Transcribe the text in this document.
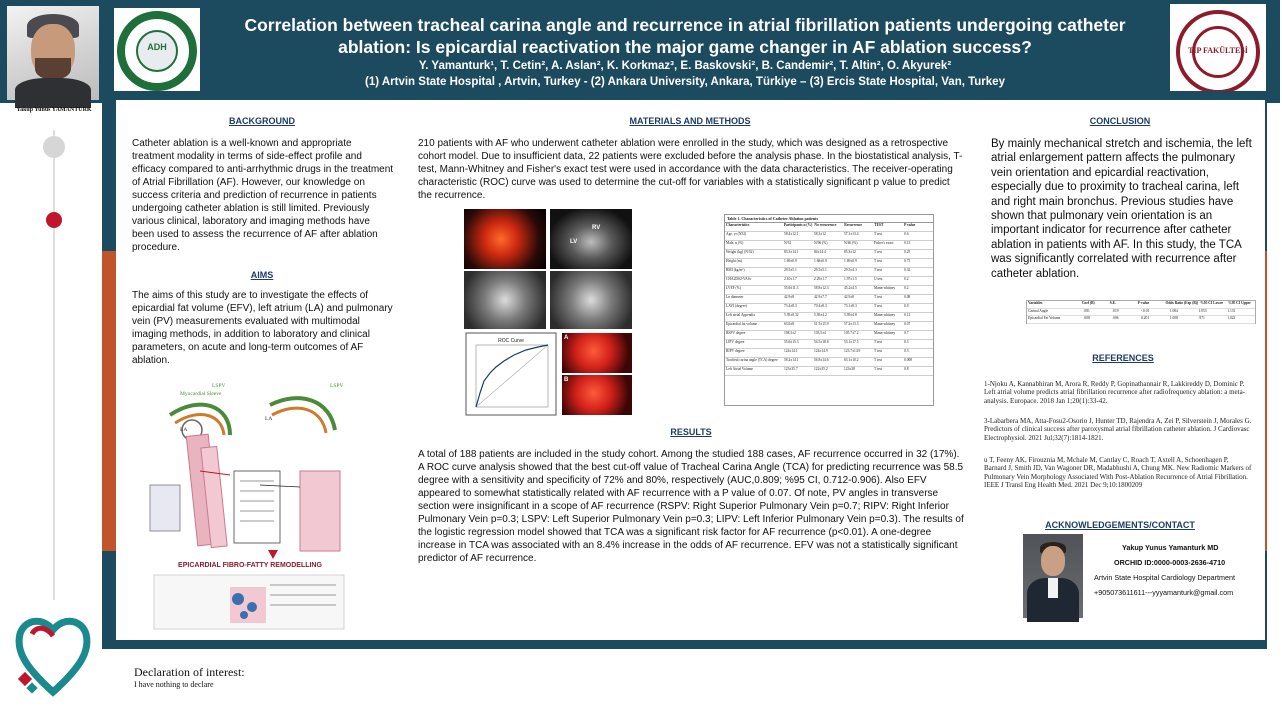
ADH
Correlation between tracheal carina angle and recurrence in atrial fibrillation patients undergoing catheter ablation: Is epicardial reactivation the major game changer in AF ablation success?
Y. Yamanturk¹, T. Cetin², A. Aslan², K. Korkmaz³, E. Baskovski², B. Candemir², T. Altin², O. Akyurek²
(1) Artvin State Hospital , Artvin, Turkey - (2) Ankara University, Ankara, Türkiye – (3) Ercis State Hospital, Van, Turkey
TIP FAKÜLTESİ
Yakup Yunus YAMANTURK
BACKGROUND
Catheter ablation is a well-known and appropriate treatment modality in terms of side-effect profile and efficacy compared to anti-arrhythmic drugs in the treatment of Atrial Fibrillation (AF). However, our knowledge on success criteria and prediction of recurrence in patients undergoing catheter ablation is still limited. Previously various clinical, laboratory and imaging methods have been used to assess the recurrence of AF after ablation procedure.
AIMS
The aims of this study are to investigate the effects of epicardial fat volume (EFV), left atrium (LA) and pulmonary vein (PV) measurements evaluated with multimodal imaging methods, in addition to laboratory and clinical parameters, on acute and long-term outcomes of AF ablation.
EPICARDIAL FIBRO-FATTY REMODELLING
Myocardial Sleeve
LSPV	LSPV
LA
LA
MATERIALS AND METHODS
210 patients with AF who underwent catheter ablation were enrolled in the study, which was designed as a retrospective cohort model. Due to insufficient data, 22 patients were excluded before the analysis phase. In the biostatistical analysis, T-test, Mann-Whitney and Fisher's exact test were used in accordance with the data characteristics. The receiver-operating characteristic (ROC) curve was used to determine the cut-off for variables with a statistically significant p value to predict the recurrence.
LV
RV
ROC Curve	A
B
Table 1. Characteristics of Catheter Ablation patients
Characteristics	Participants n (%) No recurrence	Recurrence	TEST	P value
Age, yr (N52)	58.4±12.1	58.3±12	57.1±13.4	T test	0.6
Male, n (%)	N/52	N/96 (%)	N/46 (%)	Fisher's exact	0.13
Weight (kg) (N/52)	83.3±14.1	84±14.4	85.3±12	T test	0.25
Height (m)	1.69±0.9	1.68±0.9	1.69±0.9	T test	0.73
BMI (kg/m²)	29.5±5.1	29.5±5.1	29.5±4.3	T test	0.32
CHA2DS2-VASc	2.10±1.7	2.29±1.7	1.97±1.5	U test	0.2
LVEF (%)	55.6±11.3	58.8±12.3	45.2±4.5	Mann-whitney	0.2
Ln diameter	42.9±8	42.9±7.7	42.9±8	T test	0.08
LAVI (degree)	73.4±8.3	70.4±8.3	73.1±8.3	T test	0.9
Left atrial Appendix	5.95±0.32	5.95±4.2	5.95±4.8	Mann-whitney	0.12
Epicardial fat volume	63.6±8	51.5±15.9	57.2±13.3	Mann-whitney	0.07
RSPV degree	108.3±2	103.5±4	105.7±7.2	Mann-whitney	0.7
LIPV degree	55.6±15.3	54.5±18.8	53.1±17.5	T test	0.3
RIPV degree	124±14.1	124±14.9	123.7±14.9	T test	0.3
Tracheal carina angle (TCA) degree	58.2±14.1	56.8±14.6	63.1±10.2	T test	0.008
Left Atrial Volume	123±35.7	122±35.2	123±38	T test	0.8
RESULTS
A total of 188 patients are included in the study cohort. Among the studied 188 cases, AF recurrence occurred in 32 (17%). A ROC curve analysis showed that the best cut-off value of Tracheal Carina Angle (TCA) for predicting recurrence was 58.5 degree with a sensitivity and specificity of 72% and 80%, respectively (AUC,0.809; %95 CI, 0.712-0.906). Also EFV appeared to somewhat statistically related with AF recurrence with a P value of 0.07. Of note, PV angles in transverse section were insignificant in a scope of AF recurrence (RSPV: Right Superior Pulmonary Vein p=0.7; RIPV: Right Inferior Pulmonary Vein p=0.3; LSPV: Left Superior Pulmonary Vein p=0.3; LIPV: Left Inferior Pulmonary Vein p=0.3). The results of the logistic regression model showed that TCA was a significant risk factor for AF recurrence (p<0.01). A one-degree increase in TCA was associated with an 8.4% increase in the odds of AF recurrence. EFV was not a statistically significant predictor of AF recurrence.
CONCLUSION
By mainly mechanical stretch and ischemia, the left atrial enlargement pattern affects the pulmonary vein orientation and epicardial reactivation, especially due to proximity to tracheal carina, left and right main bronchus. Previous studies have shown that pulmonary vein orientation is an important indicator for recurrence after catheter ablation in patients with AF. In this study, the TCA was significantly correlated with recurrence after catheter ablation.
Variables	Coef (B)	S.E.	P-value	Odds Ratio (Exp (B)) %95 CI Lower	%95 CI Upper
Carinal Angle	.081	.019	<0.01	1.084	1.053	1.131
Epicardial Fat Volume	.008	.006	0.201	1.008	.971	1.022
REFERENCES
1-Njoku A, Kannabhiran M, Arora R, Reddy P, Gopinathannair R, Lakkireddy D, Dominic P. Left atrial volume predicts atrial fibrillation recurrence after radiofrequency ablation: a meta-analysis. Europace. 2018 Jan 1;20(1):33-42.
3-Labarbera MA, Atta-Fosu2-Osorio J, Hunter TD, Rajendra A, Zei P, Silverstein J, Morales G. Predictors of clinical success after paroxysmal atrial fibrillation catheter ablation. J Cardiovasc Electrophysiol. 2021 Jul;32(7):1814-1821.
u T, Feeny AK, Firouznia M, Mchale M, Cantlay C, Roach T, Axtell A, Schoenhagen P, Barnard J, Smith JD, Van Wagoner DR, Madabhushi A, Chung MK. New Radiomic Markers of Pulmonary Vein Morphology Associated With Post-Ablation Recurrence of Atrial Fibrillation. IEEE J Transl Eng Health Med. 2021 Dec 9;10:1800209
ACKNOWLEDGEMENTS/CONTACT
Yakup Yunus Yamanturk MD
ORCHID ID:0000-0003-2636-4710
Artvin State Hospital Cardiology Department
+905073611611---yyyamanturk@gmail.com
Declaration of interest:
I have nothing to declare
